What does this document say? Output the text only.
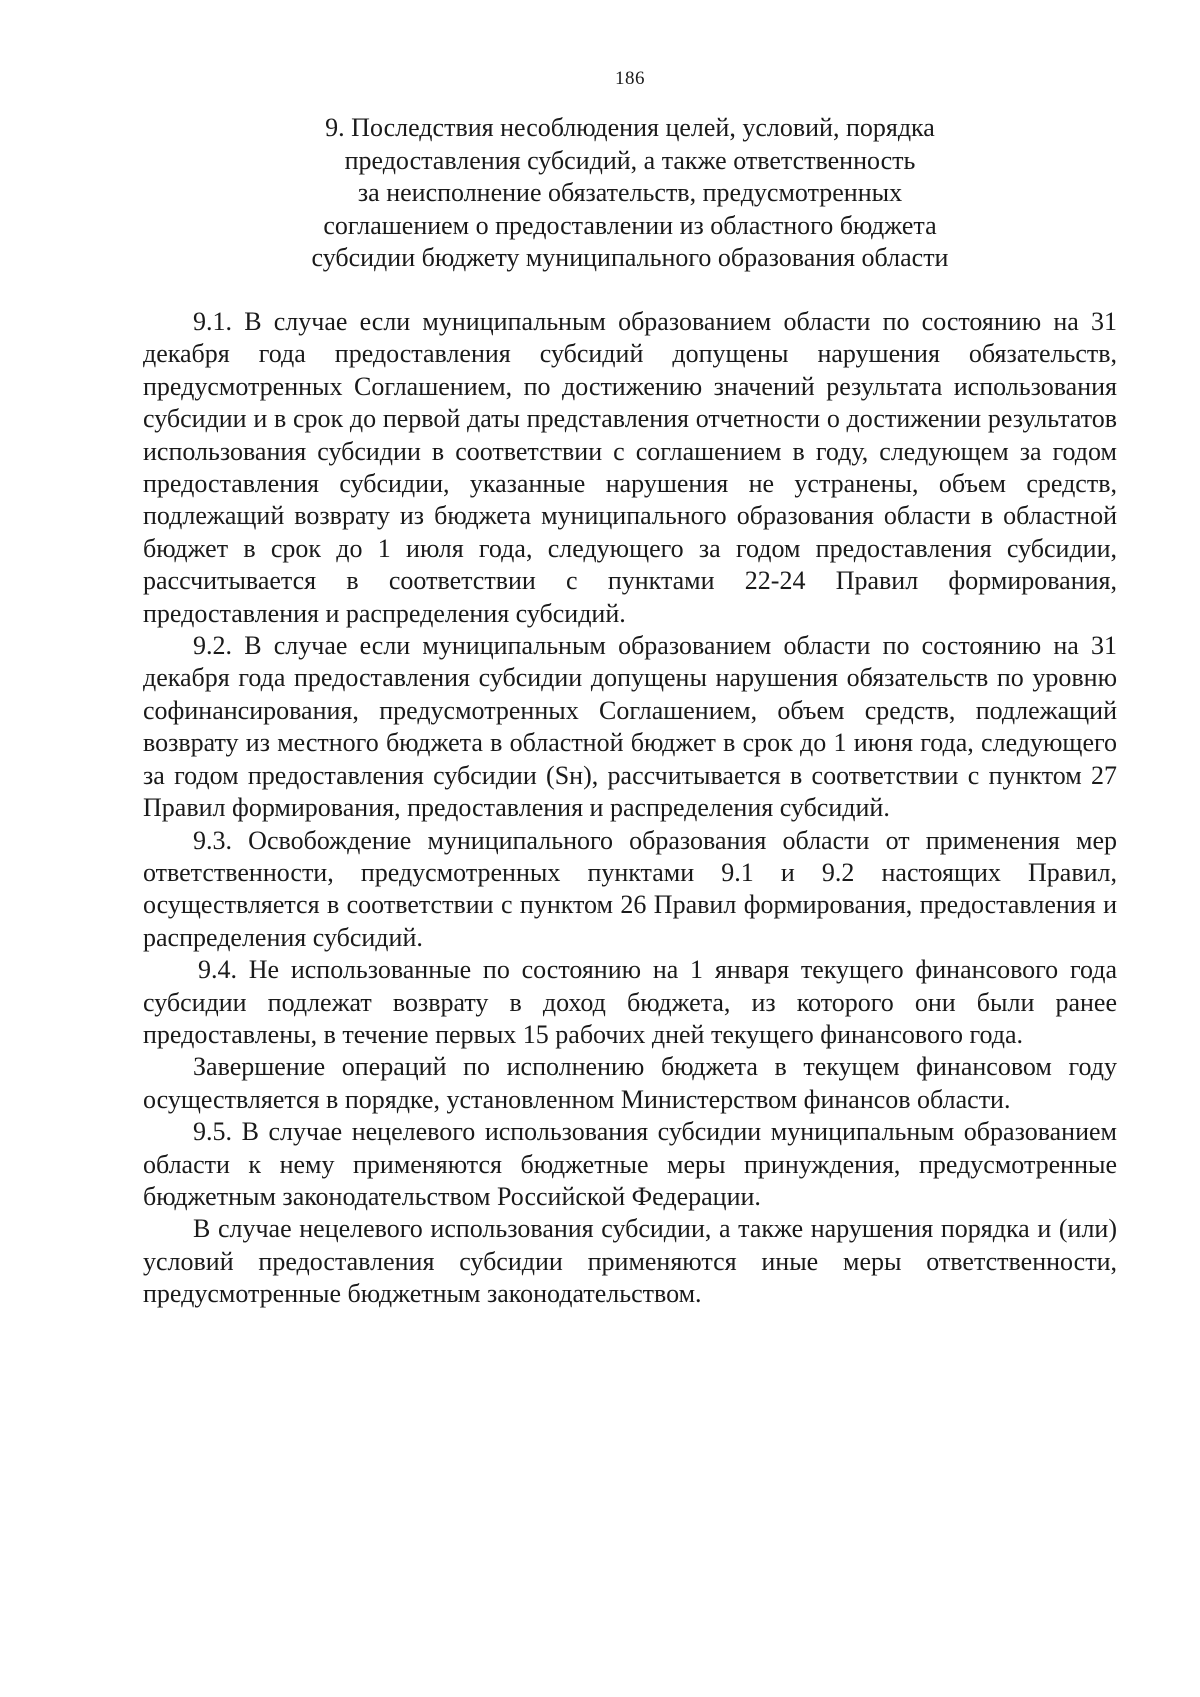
186
9. Последствия несоблюдения целей, условий, порядка
предоставления субсидий, а также ответственность
за неисполнение обязательств, предусмотренных
соглашением о предоставлении из областного бюджета
субсидии бюджету муниципального образования области

9.1. В случае если муниципальным образованием области по состоянию на 31 декабря года предоставления субсидий допущены нарушения обязательств, предусмотренных Соглашением, по достижению значений результата использования субсидии и в срок до первой даты представления отчетности о достижении результатов использования субсидии в соответствии с соглашением в году, следующем за годом предоставления субсидии, указанные нарушения не устранены, объем средств, подлежащий возврату из бюджета муниципального образования области в областной бюджет в срок до 1 июля года, следующего за годом предоставления субсидии, рассчитывается в соответствии с пунктами 22-24 Правил формирования, предоставления и распределения субсидий.

9.2. В случае если муниципальным образованием области по состоянию на 31 декабря года предоставления субсидии допущены нарушения обязательств по уровню софинансирования, предусмотренных Соглашением, объем средств, подлежащий возврату из местного бюджета в областной бюджет в срок до 1 июня года, следующего за годом предоставления субсидии (Sн), рассчитывается в соответствии с пунктом 27 Правил формирования, предоставления и распределения субсидий.

9.3. Освобождение муниципального образования области от применения мер ответственности, предусмотренных пунктами 9.1 и 9.2 настоящих Правил, осуществляется в соответствии с пунктом 26 Правил формирования, предоставления и распределения субсидий.

9.4. Не использованные по состоянию на 1 января текущего финансового года субсидии подлежат возврату в доход бюджета, из которого они были ранее предоставлены, в течение первых 15 рабочих дней текущего финансового года.

Завершение операций по исполнению бюджета в текущем финансовом году осуществляется в порядке, установленном Министерством финансов области.

9.5. В случае нецелевого использования субсидии муниципальным образованием области к нему применяются бюджетные меры принуждения, предусмотренные бюджетным законодательством Российской Федерации.

В случае нецелевого использования субсидии, а также нарушения порядка и (или) условий предоставления субсидии применяются иные меры ответственности, предусмотренные бюджетным законодательством.
